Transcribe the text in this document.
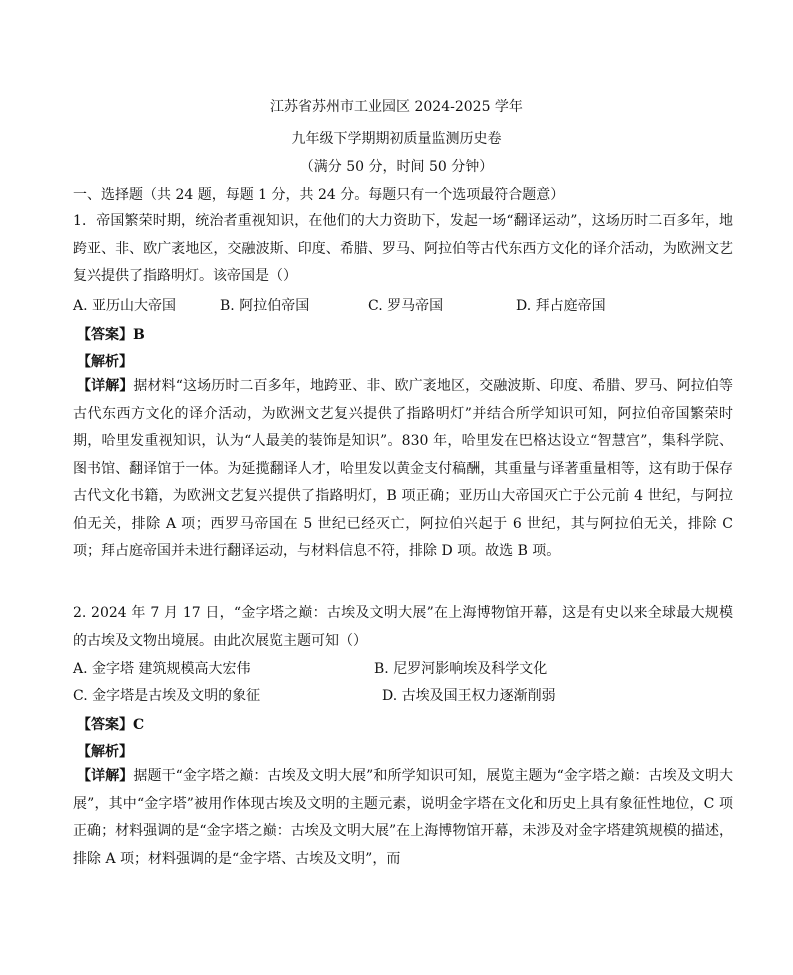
江苏省苏州市工业园区 2024-2025 学年
九年级下学期期初质量监测历史卷
（满分 50 分，时间 50 分钟）
一、选择题（共 24 题，每题 1 分，共 24 分。每题只有一个选项最符合题意）
1．帝国繁荣时期，统治者重视知识，在他们的大力资助下，发起一场“翻译运动”，这场历时二百多年，地跨亚、非、欧广袤地区，交融波斯、印度、希腊、罗马、阿拉伯等古代东西方文化的译介活动，为欧洲文艺复兴提供了指路明灯。该帝国是（）
A. 亚历山大帝国	B. 阿拉伯帝国	C. 罗马帝国	D. 拜占庭帝国
【答案】B
【解析】
【详解】据材料“这场历时二百多年，地跨亚、非、欧广袤地区，交融波斯、印度、希腊、罗马、阿拉伯等古代东西方文化的译介活动，为欧洲文艺复兴提供了指路明灯”并结合所学知识可知，阿拉伯帝国繁荣时期，哈里发重视知识，认为“人最美的装饰是知识”。830 年，哈里发在巴格达设立“智慧宫”，集科学院、图书馆、翻译馆于一体。为延揽翻译人才，哈里发以黄金支付稿酬，其重量与译著重量相等，这有助于保存古代文化书籍，为欧洲文艺复兴提供了指路明灯，B 项正确；亚历山大帝国灭亡于公元前 4 世纪，与阿拉伯无关，排除 A 项；西罗马帝国在 5 世纪已经灭亡，阿拉伯兴起于 6 世纪，其与阿拉伯无关，排除 C 项；拜占庭帝国并未进行翻译运动，与材料信息不符，排除 D 项。故选 B 项。
2. 2024 年 7 月 17 日，“金字塔之巅：古埃及文明大展”在上海博物馆开幕，这是有史以来全球最大规模的古埃及文物出境展。由此次展览主题可知（）
A. 金字塔 建筑规模高大宏伟	B. 尼罗河影响埃及科学文化
C. 金字塔是古埃及文明的象征	D. 古埃及国王权力逐渐削弱
【答案】C
【解析】
【详解】据题干“金字塔之巅：古埃及文明大展”和所学知识可知，展览主题为“金字塔之巅：古埃及文明大展”，其中“金字塔”被用作体现古埃及文明的主题元素，说明金字塔在文化和历史上具有象征性地位，C 项正确；材料强调的是“金字塔之巅：古埃及文明大展”在上海博物馆开幕，未涉及对金字塔建筑规模的描述，排除 A 项；材料强调的是“金字塔、古埃及文明”，而
